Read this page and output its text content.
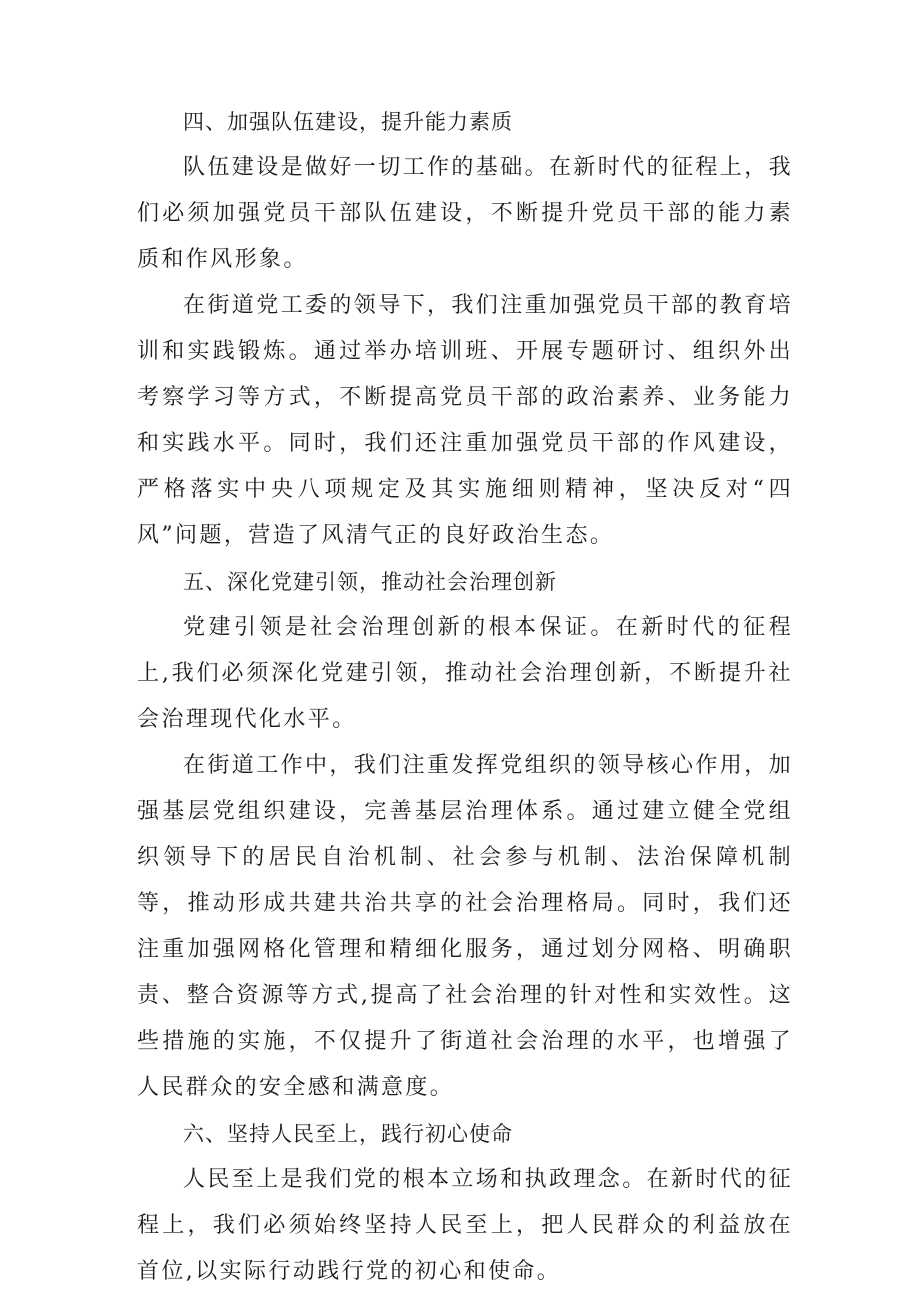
四、加强队伍建设，提升能力素质

队伍建设是做好一切工作的基础。在新时代的征程上，我们必须加强党员干部队伍建设，不断提升党员干部的能力素质和作风形象。

在街道党工委的领导下，我们注重加强党员干部的教育培训和实践锻炼。通过举办培训班、开展专题研讨、组织外出考察学习等方式，不断提高党员干部的政治素养、业务能力和实践水平。同时，我们还注重加强党员干部的作风建设，严格落实中央八项规定及其实施细则精神，坚决反对“四风”问题，营造了风清气正的良好政治生态。

五、深化党建引领，推动社会治理创新

党建引领是社会治理创新的根本保证。在新时代的征程上,我们必须深化党建引领，推动社会治理创新，不断提升社会治理现代化水平。

在街道工作中，我们注重发挥党组织的领导核心作用，加强基层党组织建设，完善基层治理体系。通过建立健全党组织领导下的居民自治机制、社会参与机制、法治保障机制等，推动形成共建共治共享的社会治理格局。同时，我们还注重加强网格化管理和精细化服务，通过划分网格、明确职责、整合资源等方式,提高了社会治理的针对性和实效性。这些措施的实施，不仅提升了街道社会治理的水平，也增强了人民群众的安全感和满意度。

六、坚持人民至上，践行初心使命

人民至上是我们党的根本立场和执政理念。在新时代的征程上，我们必须始终坚持人民至上，把人民群众的利益放在首位,以实际行动践行党的初心和使命。
